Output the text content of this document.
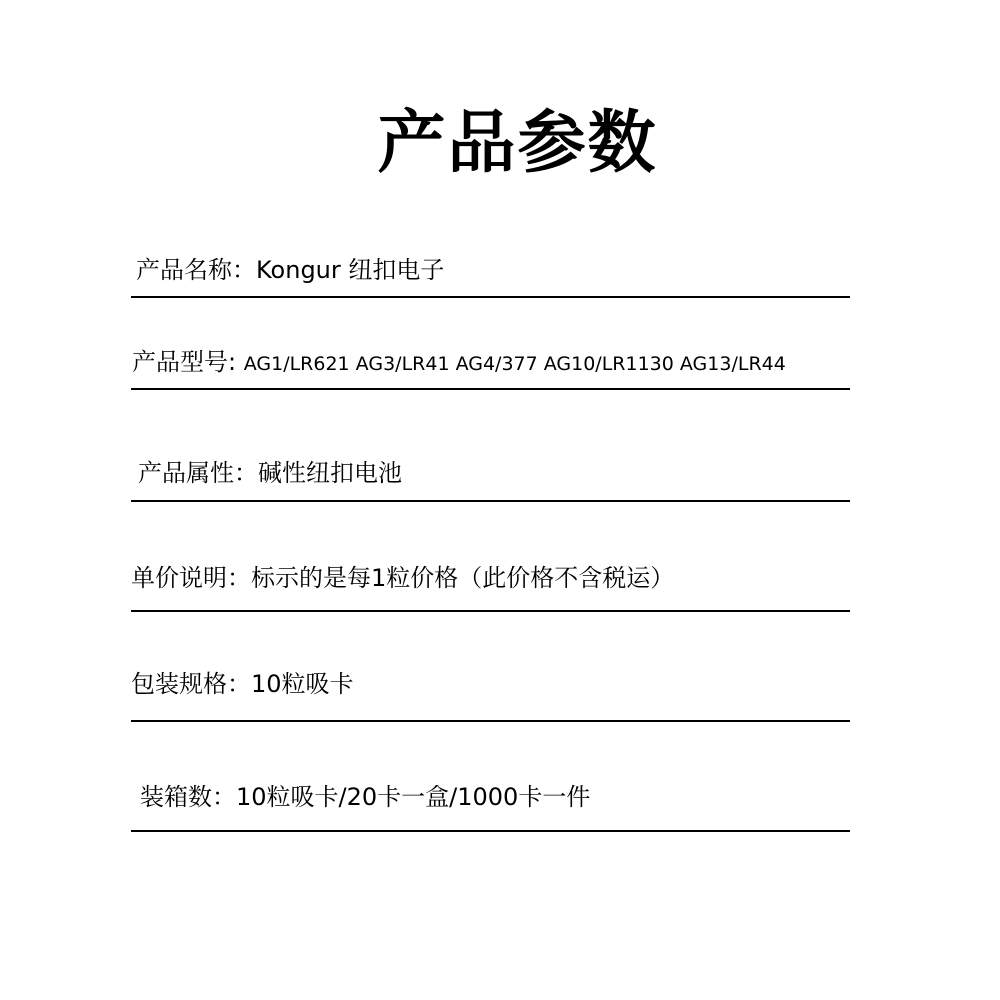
产品参数
产品名称：Kongur 纽扣电子
产品型号: AG1/LR621 AG3/LR41 AG4/377 AG10/LR1130 AG13/LR44
产品属性：碱性纽扣电池
单价说明：标示的是每1粒价格（此价格不含税运）
包装规格：10粒吸卡
装箱数：10粒吸卡/20卡一盒/1000卡一件
